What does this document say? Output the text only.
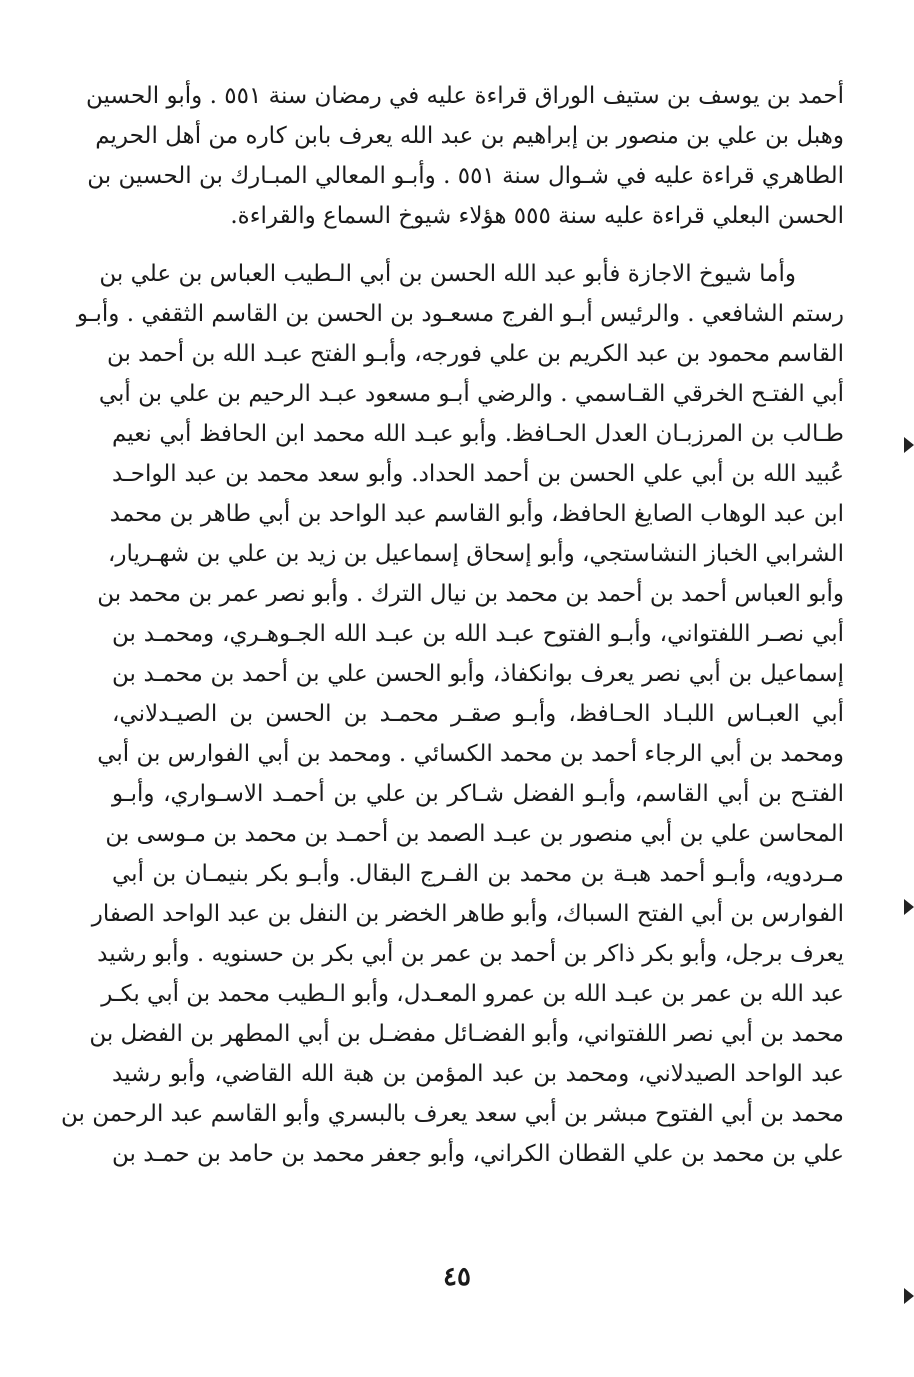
أحمد بن يوسف بن ستيف الوراق قراءة عليه في رمضان سنة ٥٥١ . وأبو الحسين
وهبل بن علي بن منصور بن إبراهيم بن عبد الله يعرف بابن كاره من أهل الحريم
الطاهري قراءة عليه في شـوال سنة ٥٥١ . وأبـو المعالي المبـارك بن الحسين بن
الحسن البعلي قراءة عليه سنة ٥٥٥ هؤلاء شيوخ السماع والقراءة.
وأما شيوخ الاجازة فأبو عبد الله الحسن بن أبي الـطيب العباس بن علي بن
رستم الشافعي . والرئيس أبـو الفرج مسعـود بن الحسن بن القاسم الثقفي . وأبـو
القاسم محمود بن عبد الكريم بن علي فورجه، وأبـو الفتح عبـد الله بن أحمد بن
أبي الفتـح الخرقي القـاسمي . والرضي أبـو مسعود عبـد الرحيم بن علي بن أبي
طـالب بن المرزبـان العدل الحـافظ. وأبو عبـد الله محمد ابن الحافظ أبي نعيم
عُبيد الله بن أبي علي الحسن بن أحمد الحداد. وأبو سعد محمد بن عبد الواحـد
ابن عبد الوهاب الصايغ الحافظ، وأبو القاسم عبد الواحد بن أبي طاهر بن محمد
الشرابي الخباز النشاستجي، وأبو إسحاق إسماعيل بن زيد بن علي بن شهـريار،
وأبو العباس أحمد بن أحمد بن محمد بن نيال الترك . وأبو نصر عمر بن محمد بن
أبي نصـر اللفتواني، وأبـو الفتوح عبـد الله بن عبـد الله الجـوهـري، ومحمـد بن
إسماعيل بن أبي نصر يعرف بوانكفاذ، وأبو الحسن علي بن أحمد بن محمـد بن
أبي العبـاس اللبـاد الحـافظ، وأبـو صقـر محمـد بن الحسن بن الصيـدلاني،
ومحمد بن أبي الرجاء أحمد بن محمد الكسائي . ومحمد بن أبي الفوارس بن أبي
الفتـح بن أبي القاسم، وأبـو الفضل شـاكر بن علي بن أحمـد الاسـواري، وأبـو
المحاسن علي بن أبي منصور بن عبـد الصمد بن أحمـد بن محمد بن مـوسى بن
مـردويه، وأبـو أحمد هبـة بن محمد بن الفـرج البقال. وأبـو بكر بنيمـان بن أبي
الفوارس بن أبي الفتح السباك، وأبو طاهر الخضر بن النفل بن عبد الواحد الصفار
يعرف برجل، وأبو بكر ذاكر بن أحمد بن عمر بن أبي بكر بن حسنويه . وأبو رشيد
عبد الله بن عمر بن عبـد الله بن عمرو المعـدل، وأبو الـطيب محمد بن أبي بكـر
محمد بن أبي نصر اللفتواني، وأبو الفضـائل مفضـل بن أبي المطهر بن الفضل بن
عبد الواحد الصيدلاني، ومحمد بن عبد المؤمن بن هبة الله القاضي، وأبو رشيد
محمد بن أبي الفتوح مبشر بن أبي سعد يعرف بالبسري وأبو القاسم عبد الرحمن بن
علي بن محمد بن علي القطان الكراني، وأبو جعفر محمد بن حامد بن حمـد بن
٤٥
